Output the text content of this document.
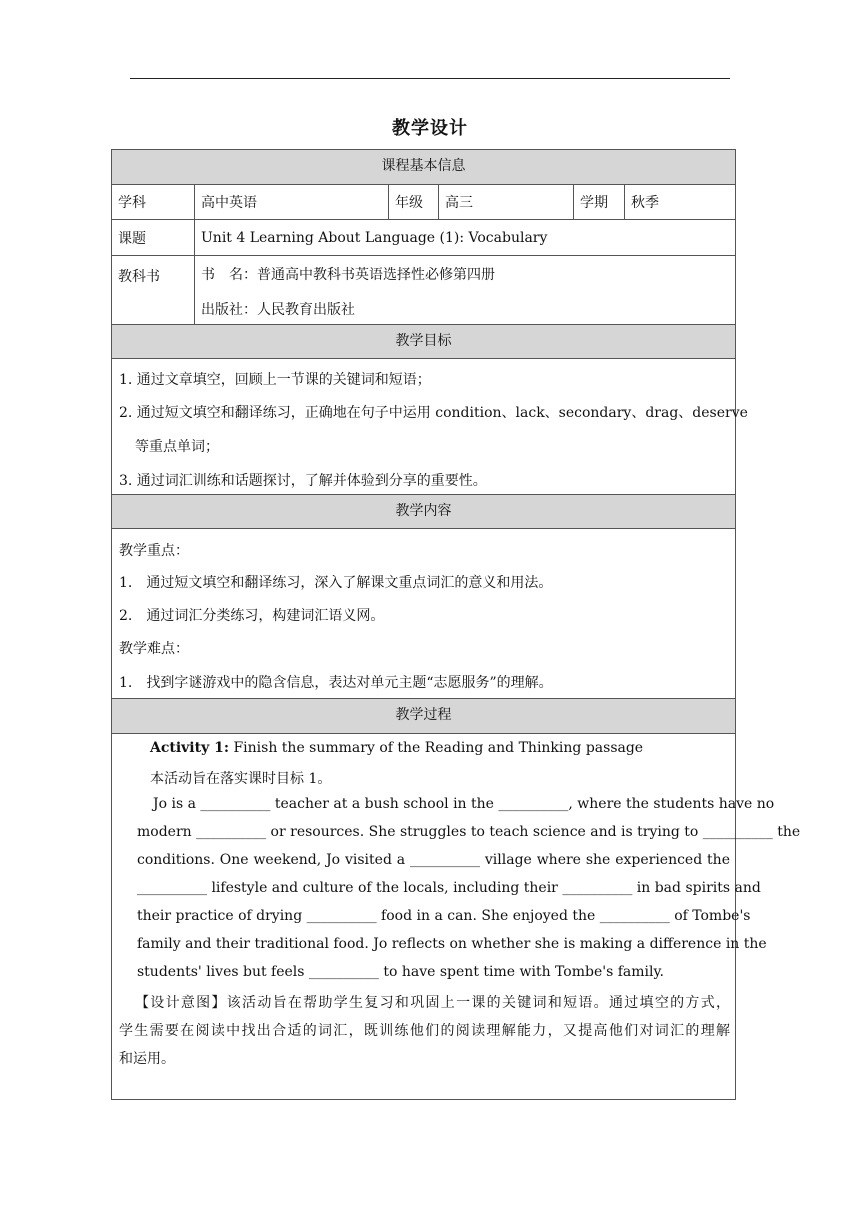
教学设计
课程基本信息
学科	高中英语	年级	高三	学期	秋季
课题	Unit 4 Learning About Language (1): Vocabulary
教科书	书　名：普通高中教科书英语选择性必修第四册
出版社：人民教育出版社
教学目标
1. 通过文章填空，回顾上一节课的关键词和短语；
2. 通过短文填空和翻译练习，正确地在句子中运用 condition、lack、secondary、drag、deserve
等重点单词；
3. 通过词汇训练和话题探讨，了解并体验到分享的重要性。
教学内容
教学重点：
1.　通过短文填空和翻译练习，深入了解课文重点词汇的意义和用法。
2.　通过词汇分类练习，构建词汇语义网。
教学难点：
1.　找到字谜游戏中的隐含信息，表达对单元主题“志愿服务”的理解。
教学过程
Activity 1: Finish the summary of the Reading and Thinking passage
本活动旨在落实课时目标 1。
Jo is a __________ teacher at a bush school in the __________, where the students have no
modern __________ or resources. She struggles to teach science and is trying to __________ the
conditions. One weekend, Jo visited a __________ village where she experienced the
__________ lifestyle and culture of the locals, including their __________ in bad spirits and
their practice of drying __________ food in a can. She enjoyed the __________ of Tombe's
family and their traditional food. Jo reflects on whether she is making a difference in the
students' lives but feels __________ to have spent time with Tombe's family.
【设计意图】该活动旨在帮助学生复习和巩固上一课的关键词和短语。通过填空的方式，
学生需要在阅读中找出合适的词汇，既训练他们的阅读理解能力，又提高他们对词汇的理解
和运用。
